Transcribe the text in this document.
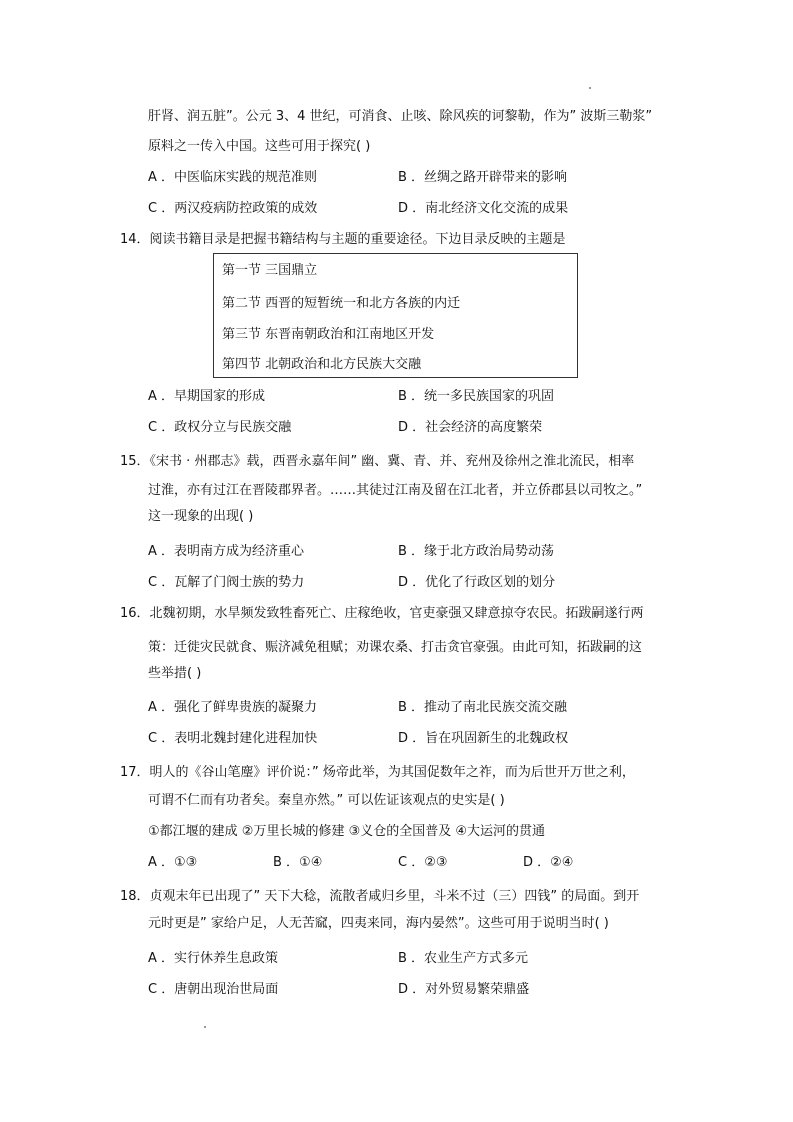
肝肾、润五脏”。公元 3、4 世纪，可消食、止咳、除风疾的诃黎勒，作为” 波斯三勒浆”
原料之一传入中国。这些可用于探究( )
A ．中医临床实践的规范准则	B ．丝绸之路开辟带来的影响
C ．两汉疫病防控政策的成效	D ．南北经济文化交流的成果
14．阅读书籍目录是把握书籍结构与主题的重要途径。下边目录反映的主题是
第一节 三国鼎立
第二节 西晋的短暂统一和北方各族的内迁
第三节 东晋南朝政治和江南地区开发
第四节 北朝政治和北方民族大交融
A ．早期国家的形成	B ．统一多民族国家的巩固
C ．政权分立与民族交融	D ．社会经济的高度繁荣
15．《宋书 · 州郡志》载，西晋永嘉年间” 幽、冀、青、并、兖州及徐州之淮北流民，相率
过淮，亦有过江在晋陵郡界者。……其徒过江南及留在江北者，并立侨郡县以司牧之。”
这一现象的出现( )
A ．表明南方成为经济重心	B ．缘于北方政治局势动荡
C ．瓦解了门阀士族的势力	D ．优化了行政区划的划分
16．北魏初期，水旱频发致牲畜死亡、庄稼绝收，官吏豪强又肆意掠夺农民。拓跋嗣遂行两
策：迁徙灾民就食、赈济减免租赋；劝课农桑、打击贪官豪强。由此可知，拓跋嗣的这
些举措( )
A ．强化了鲜卑贵族的凝聚力	B ．推动了南北民族交流交融
C ．表明北魏封建化进程加快	D ．旨在巩固新生的北魏政权
17．明人的《谷山笔麈》评价说：” 炀帝此举，为其国促数年之祚，而为后世开万世之利，
可谓不仁而有功者矣。秦皇亦然。” 可以佐证该观点的史实是( )
①都江堰的建成 ②万里长城的修建 ③义仓的全国普及 ④大运河的贯通
A ．①③	B ．①④	C ．②③	D ．②④
18．贞观末年已出现了” 天下大稔，流散者咸归乡里，斗米不过（三）四钱” 的局面。到开
元时更是” 家给户足，人无苦窳，四夷来同，海内晏然”。这些可用于说明当时( )
A ．实行休养生息政策	B ．农业生产方式多元
C ．唐朝出现治世局面	D ．对外贸易繁荣鼎盛
